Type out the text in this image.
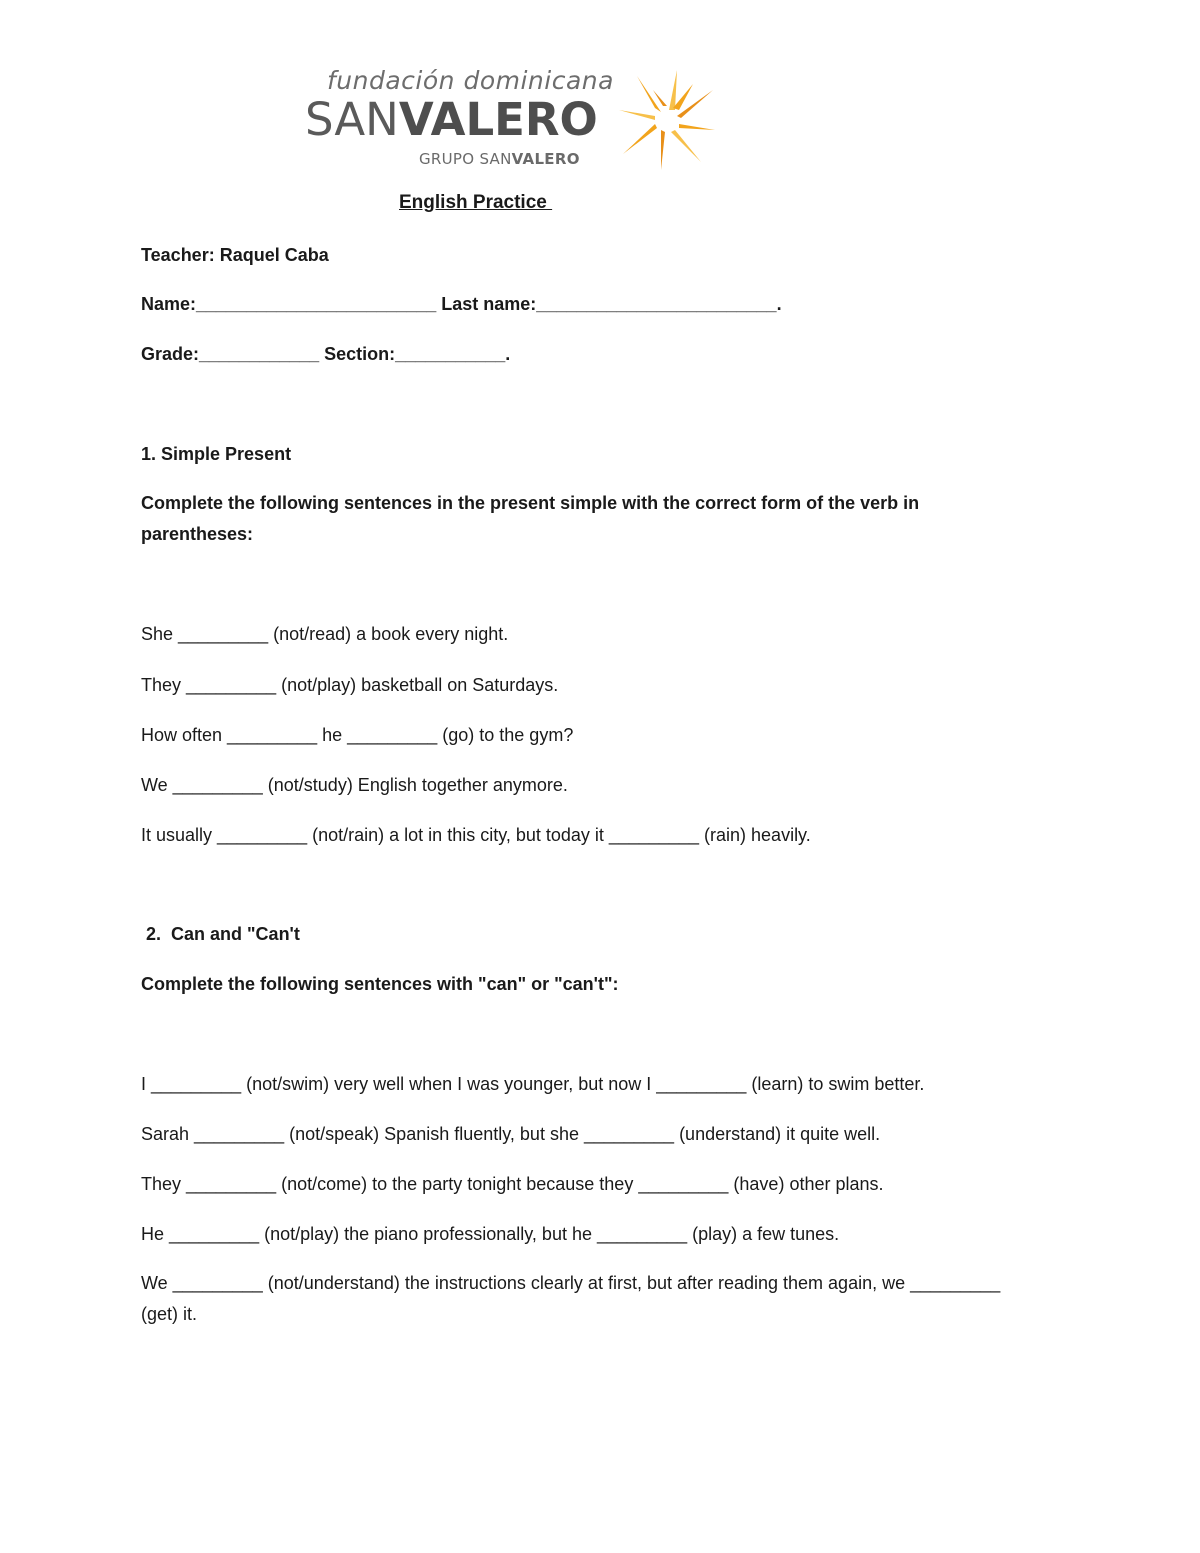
fundación dominicana
SANVALERO
GRUPO SANVALERO
English Practice
Teacher: Raquel Caba
Name:________________________ Last name:________________________.
Grade:____________ Section:___________.
1. Simple Present
Complete the following sentences in the present simple with the correct form of the verb in parentheses:
She _________ (not/read) a book every night.
They _________ (not/play) basketball on Saturdays.
How often _________ he _________ (go) to the gym?
We _________ (not/study) English together anymore.
It usually _________ (not/rain) a lot in this city, but today it _________ (rain) heavily.
2.  Can and "Can't
Complete the following sentences with "can" or "can't":
I _________ (not/swim) very well when I was younger, but now I _________ (learn) to swim better.
Sarah _________ (not/speak) Spanish fluently, but she _________ (understand) it quite well.
They _________ (not/come) to the party tonight because they _________ (have) other plans.
He _________ (not/play) the piano professionally, but he _________ (play) a few tunes.
We _________ (not/understand) the instructions clearly at first, but after reading them again, we _________ (get) it.
